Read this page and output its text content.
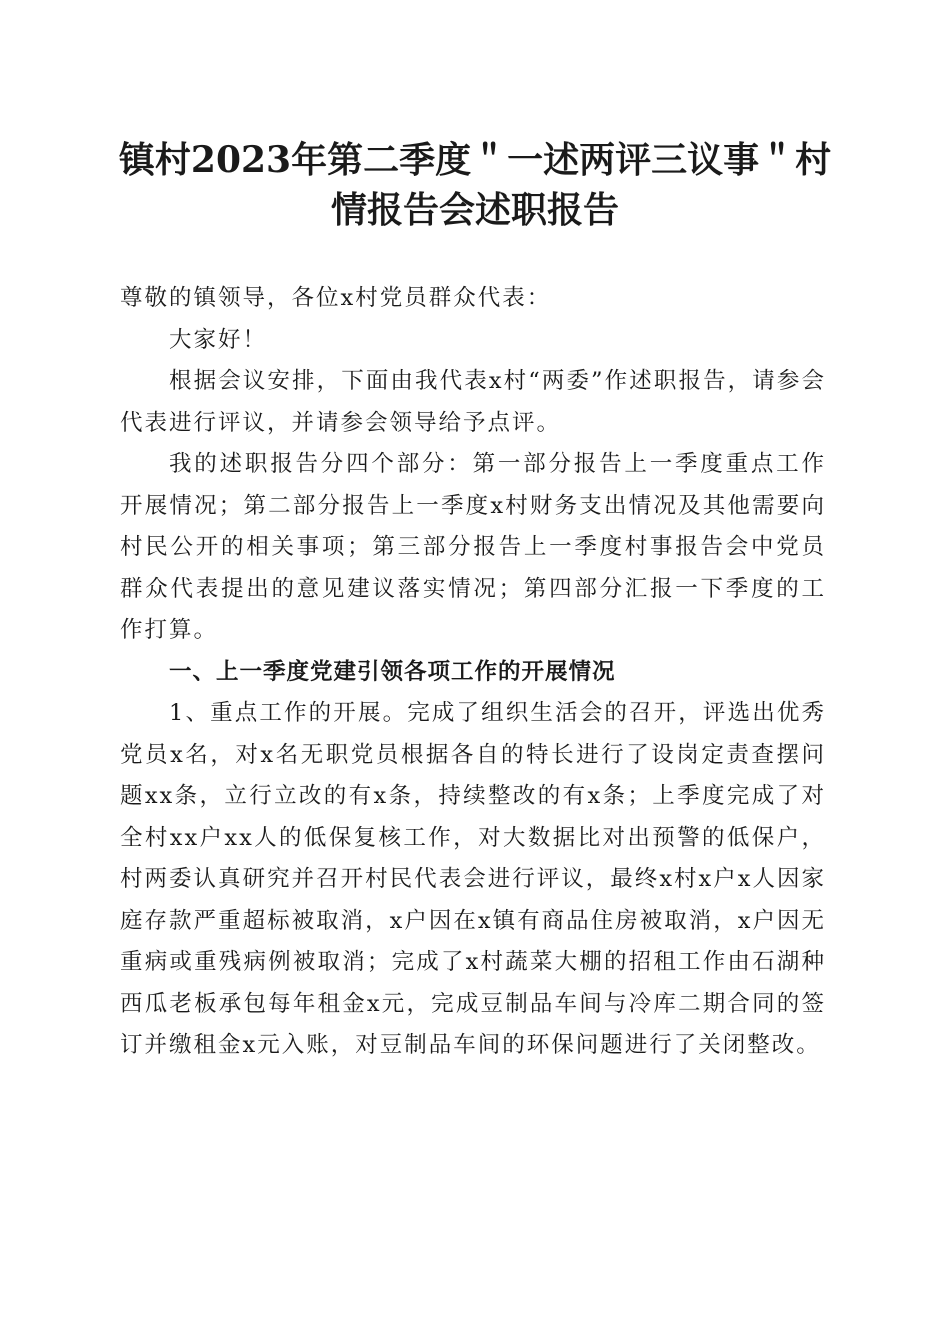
镇村2023年第二季度＂一述两评三议事＂村
情报告会述职报告

尊敬的镇领导，各位x村党员群众代表：

大家好！

根据会议安排，下面由我代表x村“两委”作述职报告，请参会代表进行评议，并请参会领导给予点评。

我的述职报告分四个部分：第一部分报告上一季度重点工作开展情况；第二部分报告上一季度x村财务支出情况及其他需要向村民公开的相关事项；第三部分报告上一季度村事报告会中党员群众代表提出的意见建议落实情况；第四部分汇报一下季度的工作打算。

一、上一季度党建引领各项工作的开展情况

1、重点工作的开展。完成了组织生活会的召开，评选出优秀党员x名，对x名无职党员根据各自的特长进行了设岗定责查摆问题xx条，立行立改的有x条，持续整改的有x条；上季度完成了对全村xx户xx人的低保复核工作，对大数据比对出预警的低保户，村两委认真研究并召开村民代表会进行评议，最终x村x户x人因家庭存款严重超标被取消，x户因在x镇有商品住房被取消，x户因无重病或重残病例被取消；完成了x村蔬菜大棚的招租工作由石湖种西瓜老板承包每年租金x元，完成豆制品车间与冷库二期合同的签订并缴租金x元入账，对豆制品车间的环保问题进行了关闭整改。
